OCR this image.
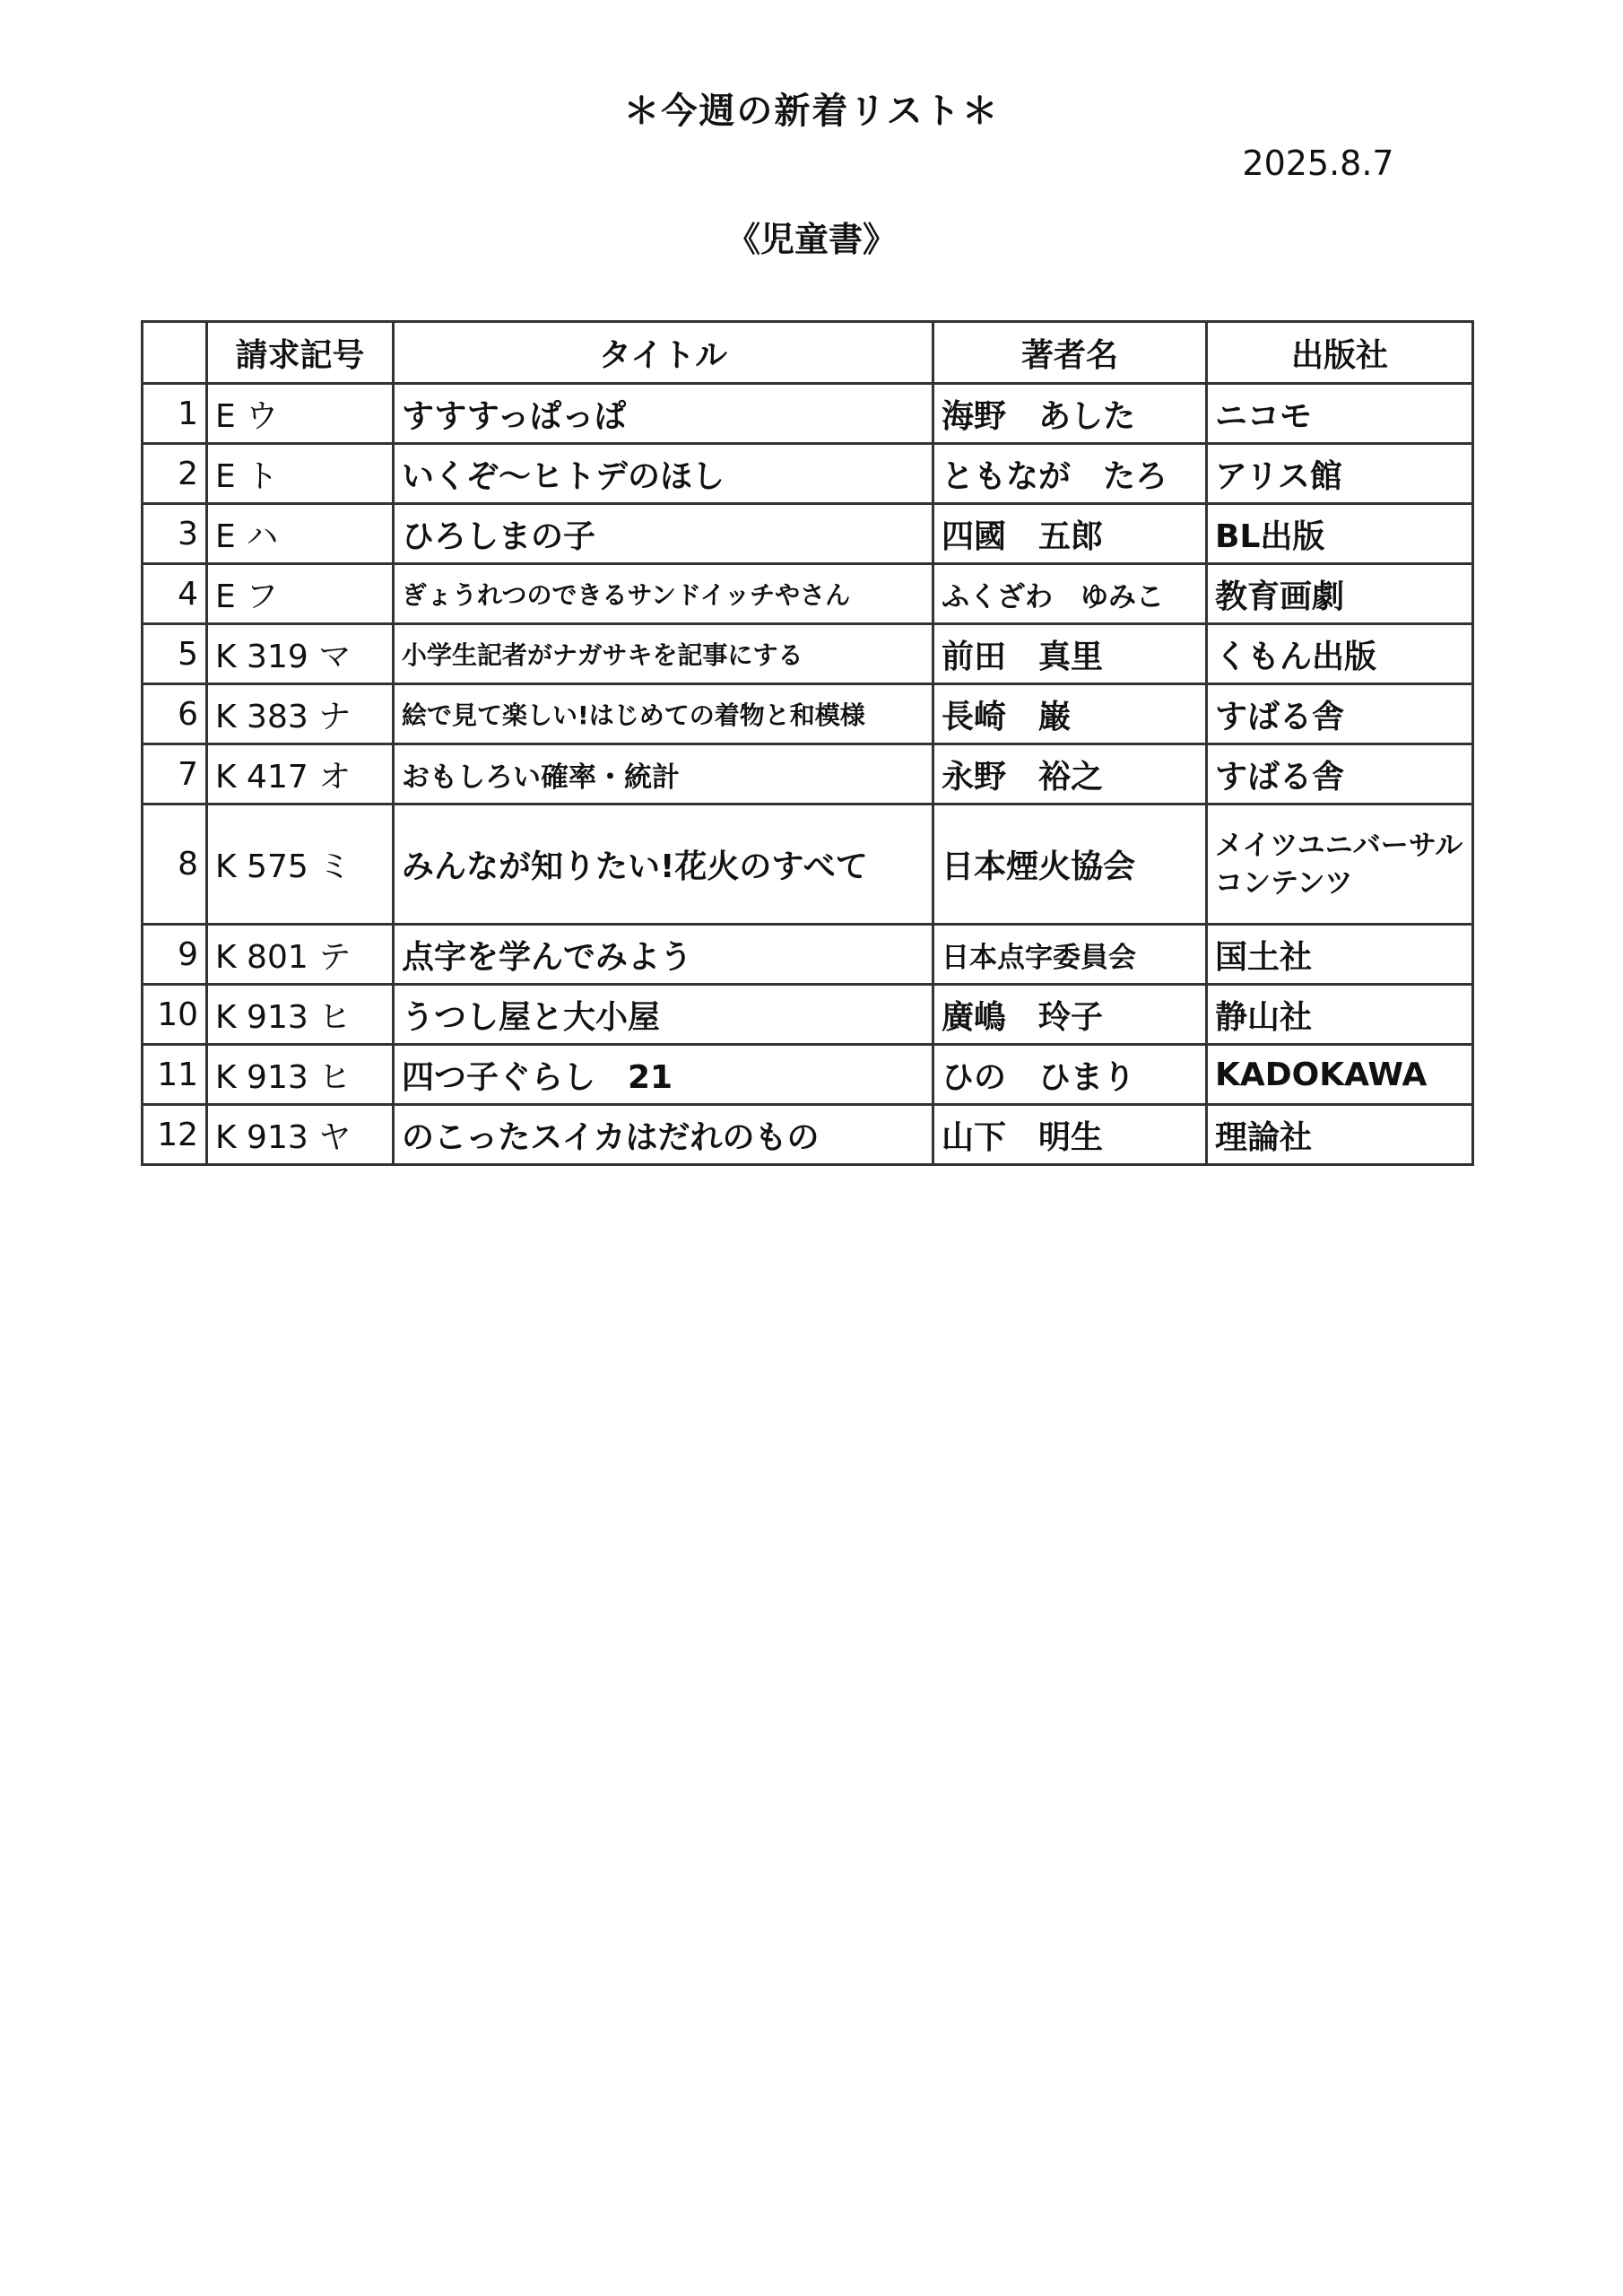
＊今週の新着リスト＊
2025.8.7
《児童書》
	請求記号	タイトル	著者名	出版社
1	E ウ	すすすっぱっぱ	海野　あした	ニコモ
2	E ト	いくぞ～ヒトデのほし	ともなが　たろ	アリス館
3	E ハ	ひろしまの子	四國　五郎	BL出版
4	E フ	ぎょうれつのできるサンドイッチやさん	ふくざわ　ゆみこ	教育画劇
5	K 319 マ	小学生記者がナガサキを記事にする	前田　真里	くもん出版
6	K 383 ナ	絵で見て楽しい!はじめての着物と和模様	長崎　巌	すばる舎
7	K 417 オ	おもしろい確率・統計	永野　裕之	すばる舎
8	K 575 ミ	みんなが知りたい!花火のすべて	日本煙火協会	メイツユニバーサルコンテンツ
9	K 801 テ	点字を学んでみよう	日本点字委員会	国土社
10	K 913 ヒ	うつし屋と大小屋	廣嶋　玲子	静山社
11	K 913 ヒ	四つ子ぐらし　21	ひの　ひまり	KADOKAWA
12	K 913 ヤ	のこったスイカはだれのもの	山下　明生	理論社
